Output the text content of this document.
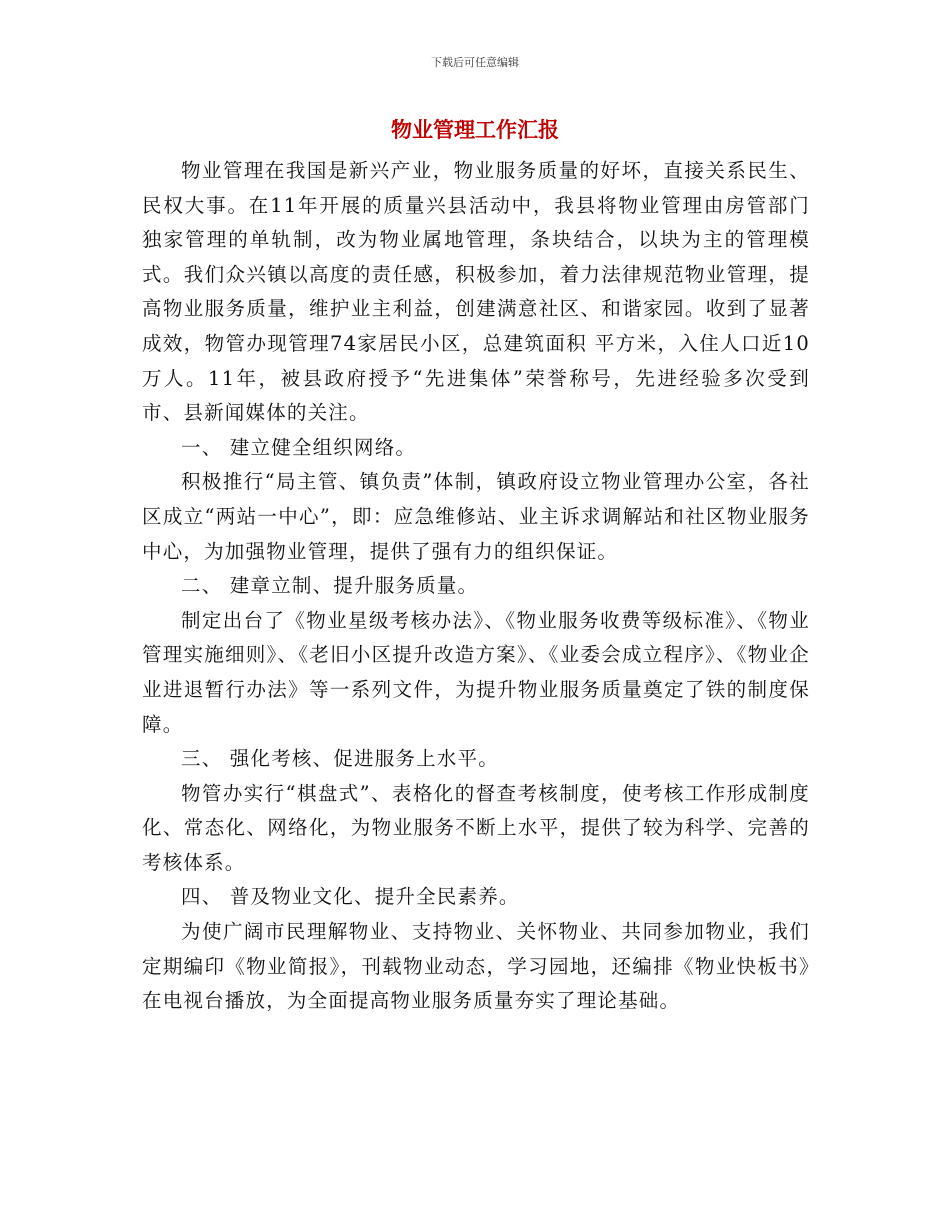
下载后可任意编辑
物业管理工作汇报

物业管理在我国是新兴产业，物业服务质量的好坏，直接关系民生、民权大事。在11年开展的质量兴县活动中，我县将物业管理由房管部门独家管理的单轨制，改为物业属地管理，条块结合，以块为主的管理模式。我们众兴镇以高度的责任感，积极参加，着力法律规范物业管理，提高物业服务质量，维护业主利益，创建满意社区、和谐家园。收到了显著成效，物管办现管理74家居民小区，总建筑面积 平方米，入住人口近10万人。11年，被县政府授予“先进集体”荣誉称号，先进经验多次受到市、县新闻媒体的关注。

一、 建立健全组织网络。

积极推行“局主管、镇负责”体制，镇政府设立物业管理办公室，各社区成立“两站一中心”，即：应急维修站、业主诉求调解站和社区物业服务中心，为加强物业管理，提供了强有力的组织保证。

二、 建章立制、提升服务质量。

制定出台了《物业星级考核办法》、《物业服务收费等级标准》、《物业管理实施细则》、《老旧小区提升改造方案》、《业委会成立程序》、《物业企业进退暂行办法》等一系列文件，为提升物业服务质量奠定了铁的制度保障。

三、 强化考核、促进服务上水平。

物管办实行“棋盘式”、表格化的督查考核制度，使考核工作形成制度化、常态化、网络化，为物业服务不断上水平，提供了较为科学、完善的考核体系。

四、 普及物业文化、提升全民素养。

为使广阔市民理解物业、支持物业、关怀物业、共同参加物业，我们定期编印《物业简报》，刊载物业动态，学习园地，还编排《物业快板书》在电视台播放，为全面提高物业服务质量夯实了理论基础。
